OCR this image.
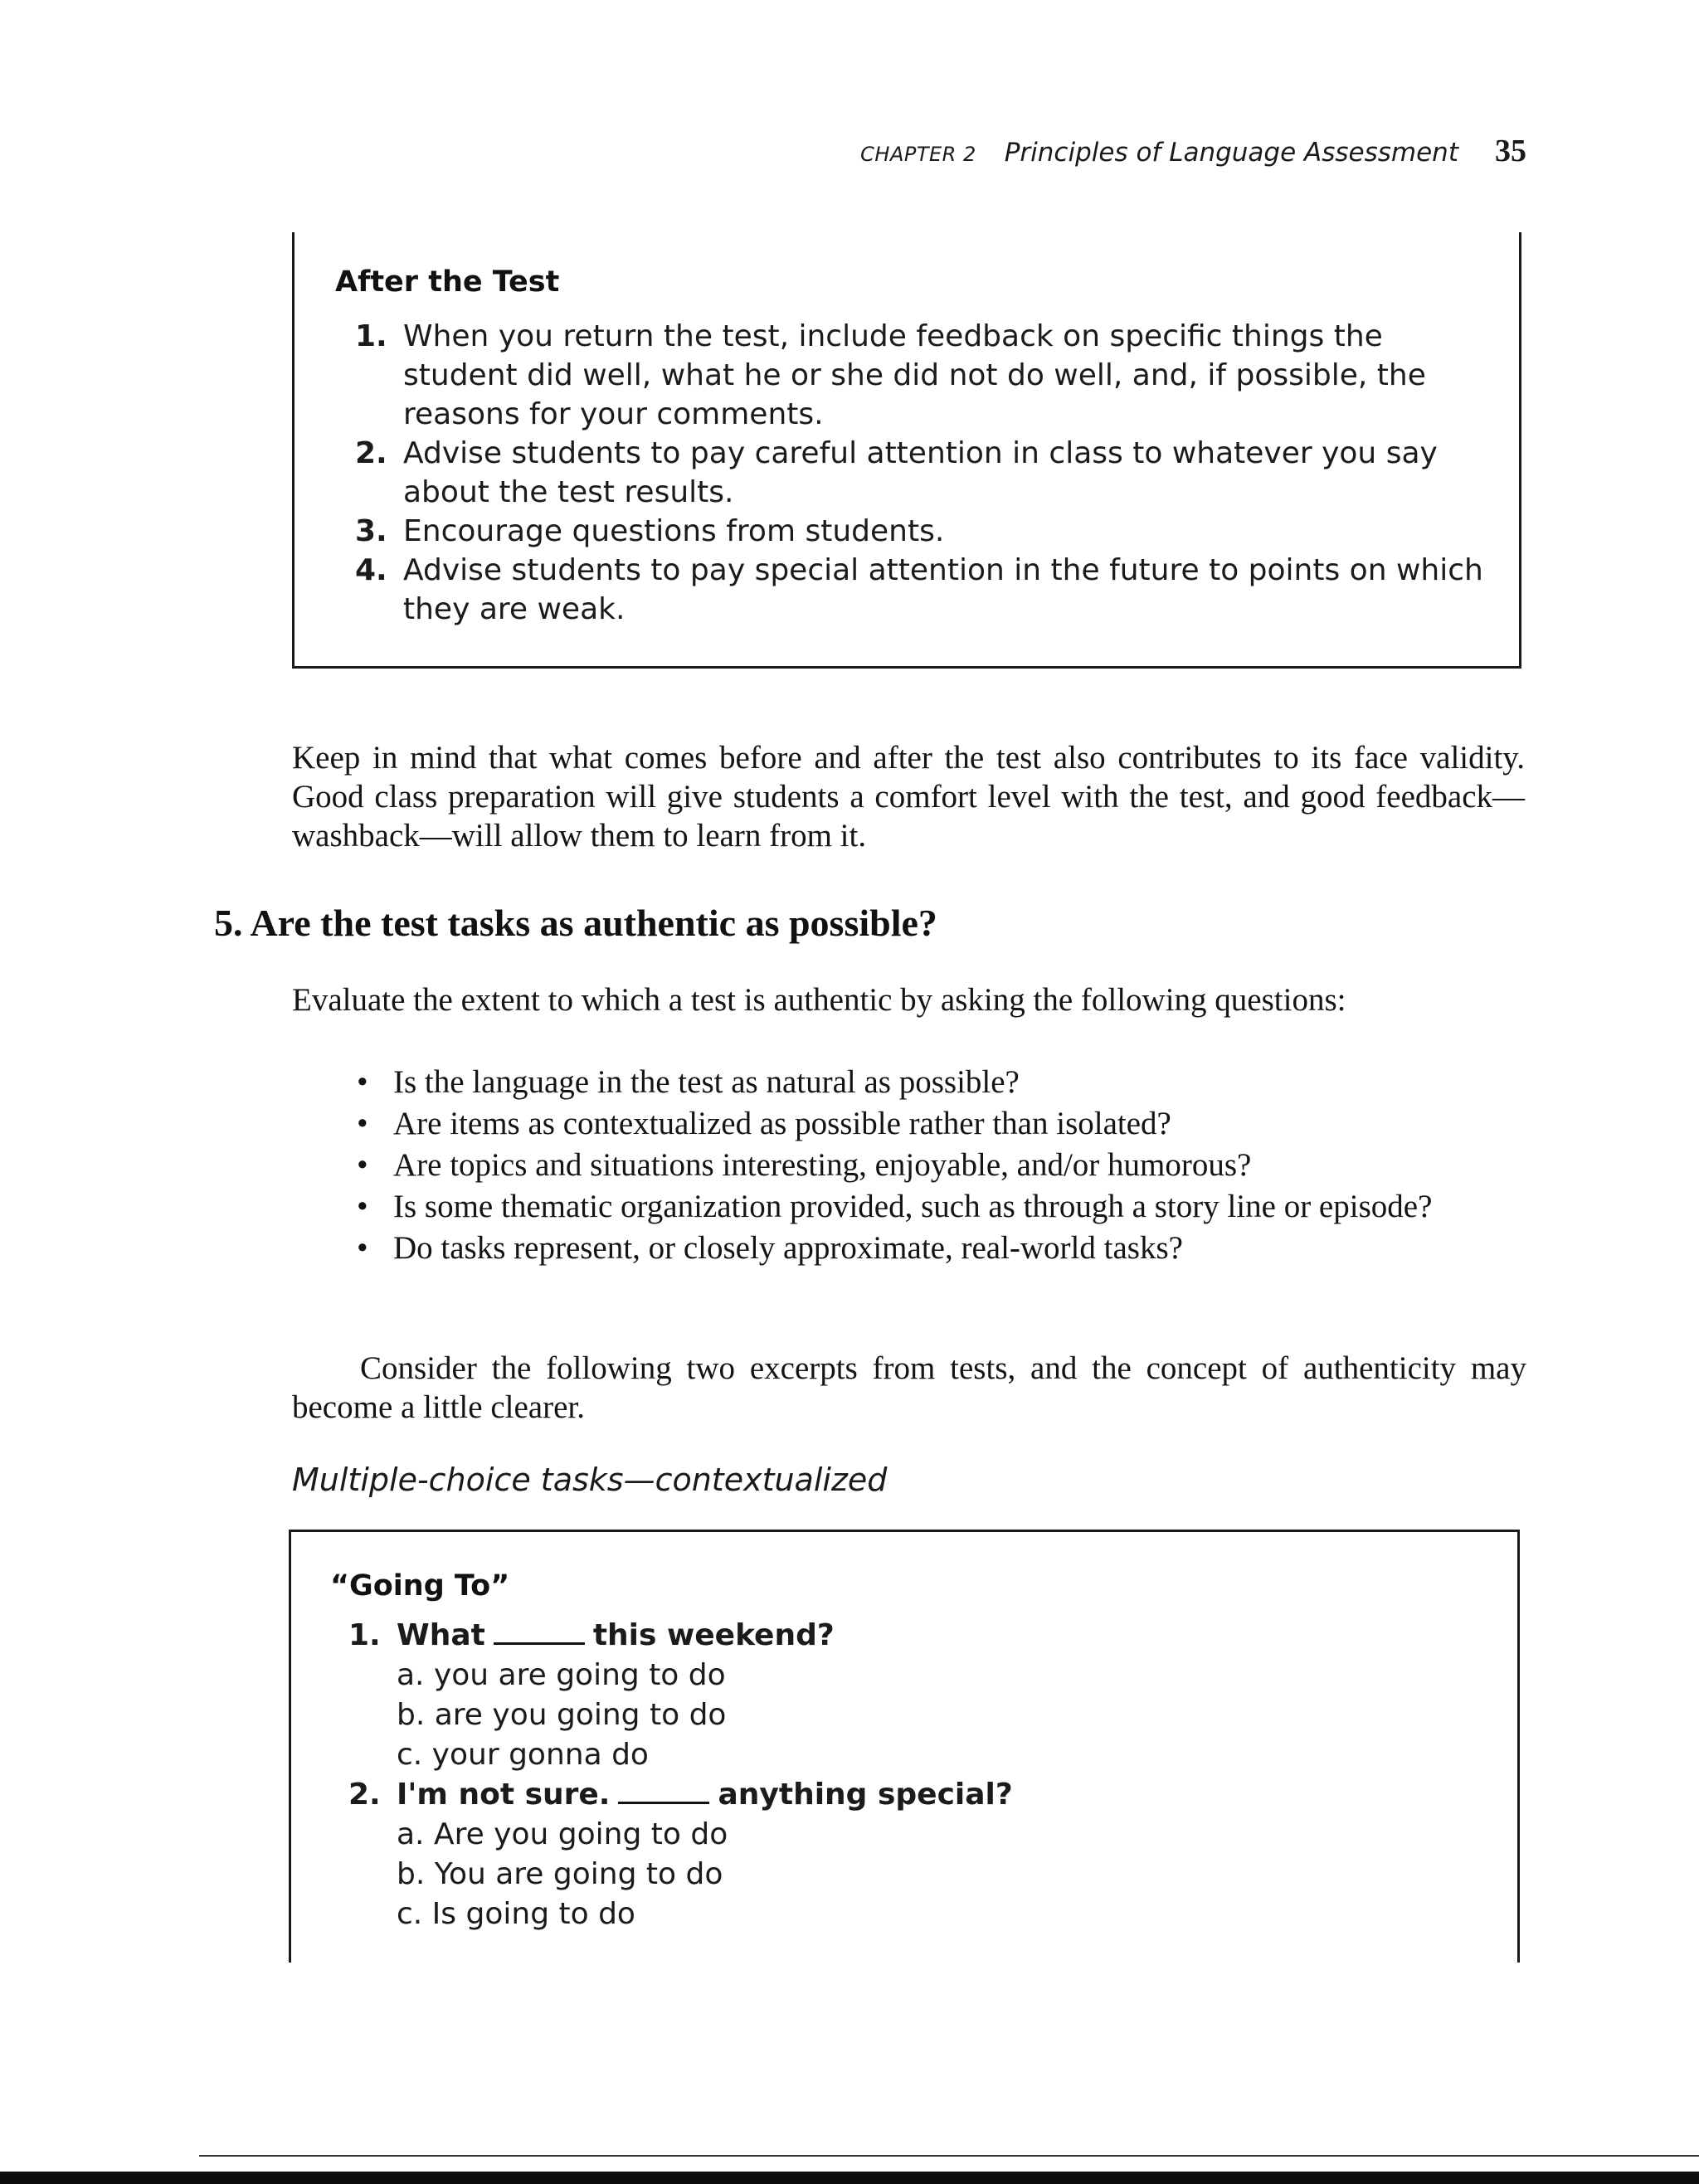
CHAPTER 2 Principles of Language Assessment 35
After the Test
1. When you return the test, include feedback on specific things the student did well, what he or she did not do well, and, if possible, the reasons for your comments.
2. Advise students to pay careful attention in class to whatever you say about the test results.
3. Encourage questions from students.
4. Advise students to pay special attention in the future to points on which they are weak.

Keep in mind that what comes before and after the test also contributes to its face validity. Good class preparation will give students a comfort level with the test, and good feedback—washback—will allow them to learn from it.

5. Are the test tasks as authentic as possible?

Evaluate the extent to which a test is authentic by asking the following questions:

• Is the language in the test as natural as possible?
• Are items as contextualized as possible rather than isolated?
• Are topics and situations interesting, enjoyable, and/or humorous?
• Is some thematic organization provided, such as through a story line or episode?
• Do tasks represent, or closely approximate, real-world tasks?

Consider the following two excerpts from tests, and the concept of authenticity may become a little clearer.

Multiple-choice tasks—contextualized

“Going To”
1. What	this weekend?
a. you are going to do
b. are you going to do
c. your gonna do
2. I'm not sure.	anything special?
a. Are you going to do
b. You are going to do
c. Is going to do
